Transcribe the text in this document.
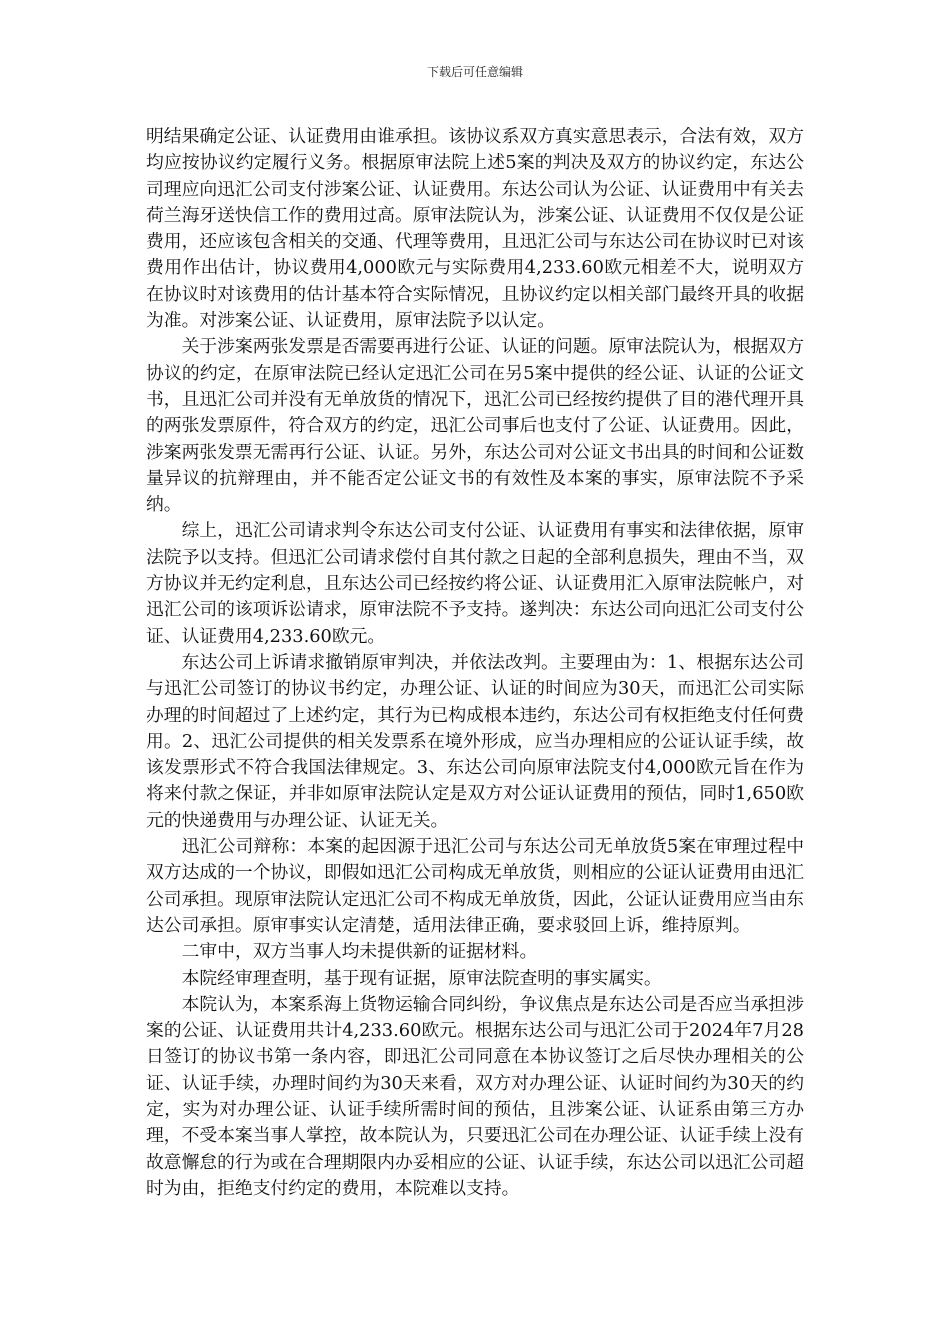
下载后可任意编辑

明结果确定公证、认证费用由谁承担。该协议系双方真实意思表示，合法有效，双方均应按协议约定履行义务。根据原审法院上述5案的判决及双方的协议约定，东达公司理应向迅汇公司支付涉案公证、认证费用。东达公司认为公证、认证费用中有关去荷兰海牙送快信工作的费用过高。原审法院认为，涉案公证、认证费用不仅仅是公证费用，还应该包含相关的交通、代理等费用，且迅汇公司与东达公司在协议时已对该费用作出估计，协议费用4,000欧元与实际费用4,233.60欧元相差不大，说明双方在协议时对该费用的估计基本符合实际情况，且协议约定以相关部门最终开具的收据为准。对涉案公证、认证费用，原审法院予以认定。

关于涉案两张发票是否需要再进行公证、认证的问题。原审法院认为，根据双方协议的约定，在原审法院已经认定迅汇公司在另5案中提供的经公证、认证的公证文书，且迅汇公司并没有无单放货的情况下，迅汇公司已经按约提供了目的港代理开具的两张发票原件，符合双方的约定，迅汇公司事后也支付了公证、认证费用。因此，涉案两张发票无需再行公证、认证。另外，东达公司对公证文书出具的时间和公证数量异议的抗辩理由，并不能否定公证文书的有效性及本案的事实，原审法院不予采纳。

综上，迅汇公司请求判令东达公司支付公证、认证费用有事实和法律依据，原审法院予以支持。但迅汇公司请求偿付自其付款之日起的全部利息损失，理由不当，双方协议并无约定利息，且东达公司已经按约将公证、认证费用汇入原审法院帐户，对迅汇公司的该项诉讼请求，原审法院不予支持。遂判决：东达公司向迅汇公司支付公证、认证费用4,233.60欧元。

东达公司上诉请求撤销原审判决，并依法改判。主要理由为：1、根据东达公司与迅汇公司签订的协议书约定，办理公证、认证的时间应为30天，而迅汇公司实际办理的时间超过了上述约定，其行为已构成根本违约，东达公司有权拒绝支付任何费用。2、迅汇公司提供的相关发票系在境外形成，应当办理相应的公证认证手续，故该发票形式不符合我国法律规定。3、东达公司向原审法院支付4,000欧元旨在作为将来付款之保证，并非如原审法院认定是双方对公证认证费用的预估，同时1,650欧元的快递费用与办理公证、认证无关。

迅汇公司辩称：本案的起因源于迅汇公司与东达公司无单放货5案在审理过程中双方达成的一个协议，即假如迅汇公司构成无单放货，则相应的公证认证费用由迅汇公司承担。现原审法院认定迅汇公司不构成无单放货，因此，公证认证费用应当由东达公司承担。原审事实认定清楚，适用法律正确，要求驳回上诉，维持原判。

二审中，双方当事人均未提供新的证据材料。

本院经审理查明，基于现有证据，原审法院查明的事实属实。

本院认为，本案系海上货物运输合同纠纷，争议焦点是东达公司是否应当承担涉案的公证、认证费用共计4,233.60欧元。根据东达公司与迅汇公司于2024年7月28日签订的协议书第一条内容，即迅汇公司同意在本协议签订之后尽快办理相关的公证、认证手续，办理时间约为30天来看，双方对办理公证、认证时间约为30天的约定，实为对办理公证、认证手续所需时间的预估，且涉案公证、认证系由第三方办理，不受本案当事人掌控，故本院认为，只要迅汇公司在办理公证、认证手续上没有故意懈怠的行为或在合理期限内办妥相应的公证、认证手续，东达公司以迅汇公司超时为由，拒绝支付约定的费用，本院难以支持。
